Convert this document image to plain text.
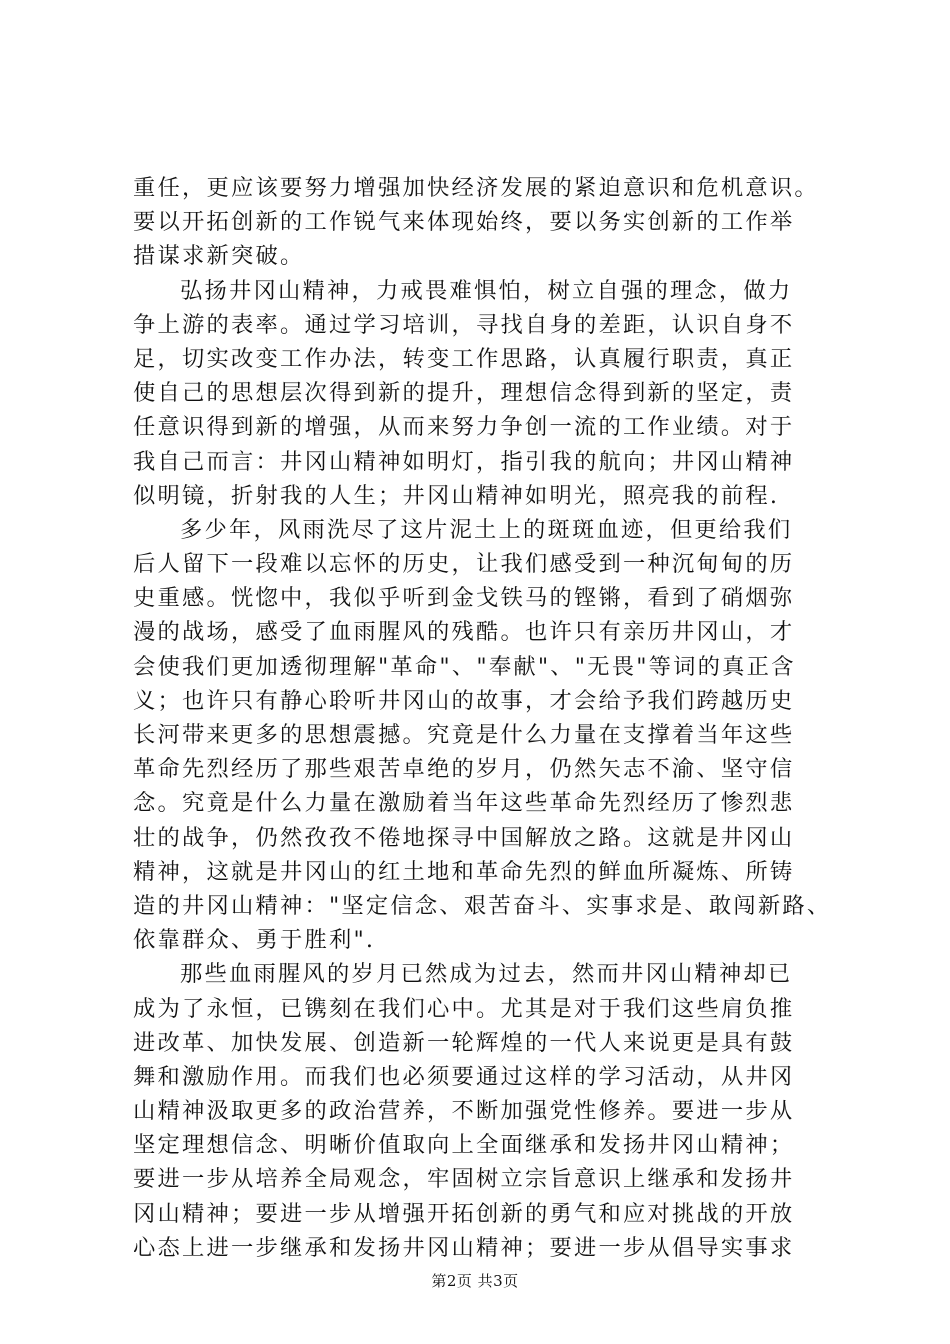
重任，更应该要努力增强加快经济发展的紧迫意识和危机意识。
要以开拓创新的工作锐气来体现始终，要以务实创新的工作举
措谋求新突破。
弘扬井冈山精神，力戒畏难惧怕，树立自强的理念，做力
争上游的表率。通过学习培训，寻找自身的差距，认识自身不
足，切实改变工作办法，转变工作思路，认真履行职责，真正
使自己的思想层次得到新的提升，理想信念得到新的坚定，责
任意识得到新的增强，从而来努力争创一流的工作业绩。对于
我自己而言：井冈山精神如明灯，指引我的航向；井冈山精神
似明镜，折射我的人生；井冈山精神如明光，照亮我的前程.
多少年，风雨洗尽了这片泥土上的斑斑血迹，但更给我们
后人留下一段难以忘怀的历史，让我们感受到一种沉甸甸的历
史重感。恍惚中，我似乎听到金戈铁马的铿锵，看到了硝烟弥
漫的战场，感受了血雨腥风的残酷。也许只有亲历井冈山，才
会使我们更加透彻理解"革命"、"奉献"、"无畏"等词的真正含
义；也许只有静心聆听井冈山的故事，才会给予我们跨越历史
长河带来更多的思想震撼。究竟是什么力量在支撑着当年这些
革命先烈经历了那些艰苦卓绝的岁月，仍然矢志不渝、坚守信
念。究竟是什么力量在激励着当年这些革命先烈经历了惨烈悲
壮的战争，仍然孜孜不倦地探寻中国解放之路。这就是井冈山
精神，这就是井冈山的红土地和革命先烈的鲜血所凝炼、所铸
造的井冈山精神："坚定信念、艰苦奋斗、实事求是、敢闯新路、
依靠群众、勇于胜利".
那些血雨腥风的岁月已然成为过去，然而井冈山精神却已
成为了永恒，已镌刻在我们心中。尤其是对于我们这些肩负推
进改革、加快发展、创造新一轮辉煌的一代人来说更是具有鼓
舞和激励作用。而我们也必须要通过这样的学习活动，从井冈
山精神汲取更多的政治营养，不断加强党性修养。要进一步从
坚定理想信念、明晰价值取向上全面继承和发扬井冈山精神；
要进一步从培养全局观念，牢固树立宗旨意识上继承和发扬井
冈山精神；要进一步从增强开拓创新的勇气和应对挑战的开放
心态上进一步继承和发扬井冈山精神；要进一步从倡导实事求
第2页 共3页
